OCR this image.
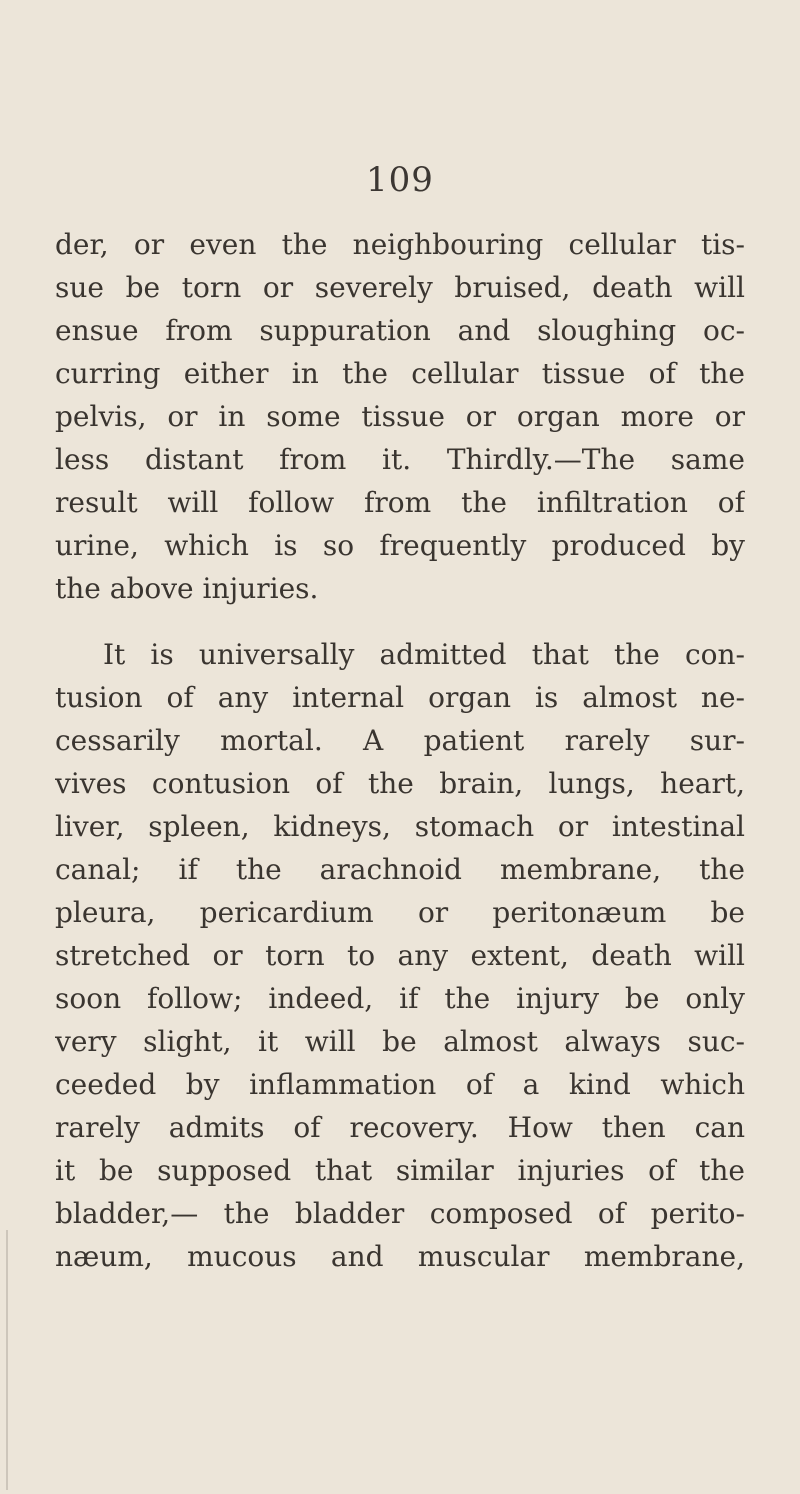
109
der, or even the neighbouring cellular tis-
sue be torn or severely bruised, death will
ensue from suppuration and sloughing oc-
curring either in the cellular tissue of the
pelvis, or in some tissue or organ more or
less distant from it. Thirdly.—The same
result will follow from the infiltration of
urine, which is so frequently produced by
the above injuries.
It is universally admitted that the con-
tusion of any internal organ is almost ne-
cessarily mortal. A patient rarely sur-
vives contusion of the brain, lungs, heart,
liver, spleen, kidneys, stomach or intestinal
canal; if the arachnoid membrane, the
pleura, pericardium or peritonæum be
stretched or torn to any extent, death will
soon follow; indeed, if the injury be only
very slight, it will be almost always suc-
ceeded by inflammation of a kind which
rarely admits of recovery. How then can
it be supposed that similar injuries of the
bladder,— the bladder composed of perito-
næum, mucous and muscular membrane,
